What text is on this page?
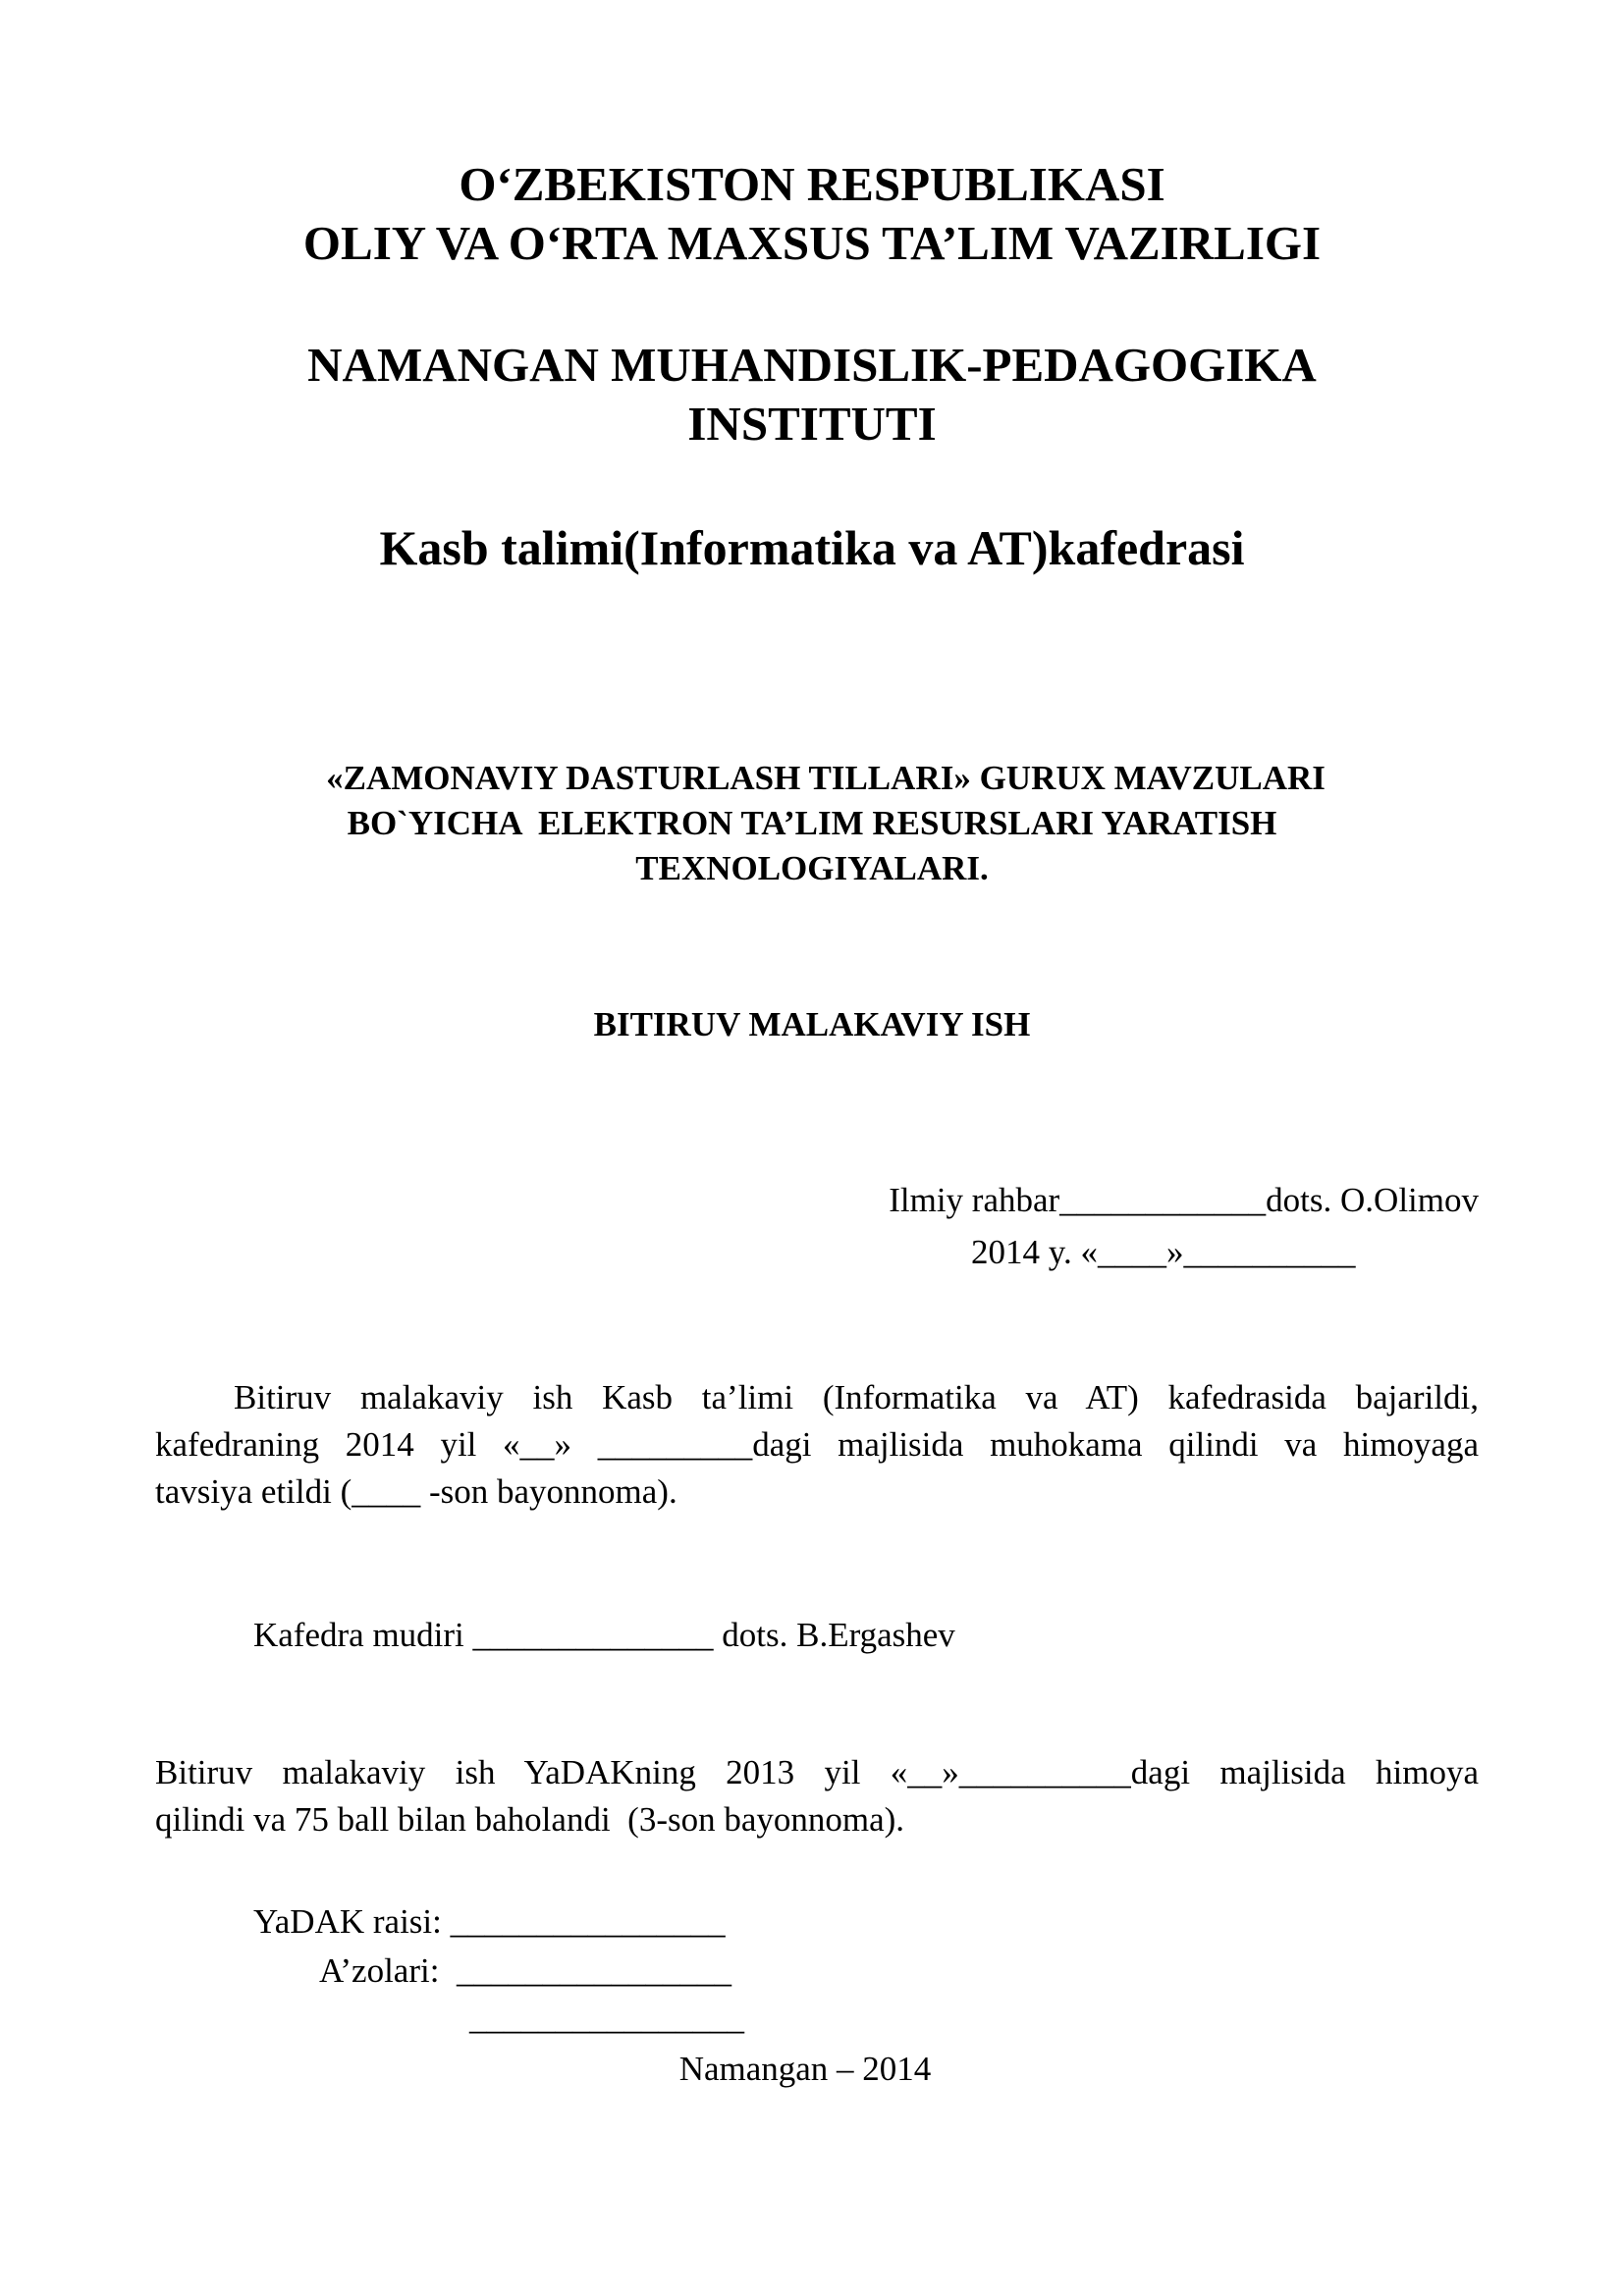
O‘ZBEKISTON RESPUBLIKASI
OLIY VA O‘RTA MAXSUS TA’LIM VAZIRLIGI
NAMANGAN MUHANDISLIK-PEDAGOGIKA
INSTITUTI
Kasb talimi(Informatika va AT)kafedrasi
«ZAMONAVIY DASTURLASH TILLARI» GURUX MAVZULARI
BO`YICHA  ELEKTRON TA’LIM RESURSLARI YARATISH
TEXNOLOGIYALARI.
BITIRUV MALAKAVIY ISH
Ilmiy rahbar____________dots. O.Olimov
2014 y. «____»__________
Bitiruv malakaviy ish Kasb ta’limi (Informatika va AT) kafedrasida bajarildi,
kafedraning 2014 yil «__» _________dagi majlisida muhokama qilindi va himoyaga
tavsiya etildi (____ -son bayonnoma).
Kafedra mudiri ______________ dots. B.Ergashev
Bitiruv malakaviy ish YaDAKning 2013 yil «__»__________dagi majlisida himoya
qilindi va 75 ball bilan baholandi  (3-son bayonnoma).
YaDAK raisi: ________________
A’zolari:  ________________
________________
Namangan – 2014
